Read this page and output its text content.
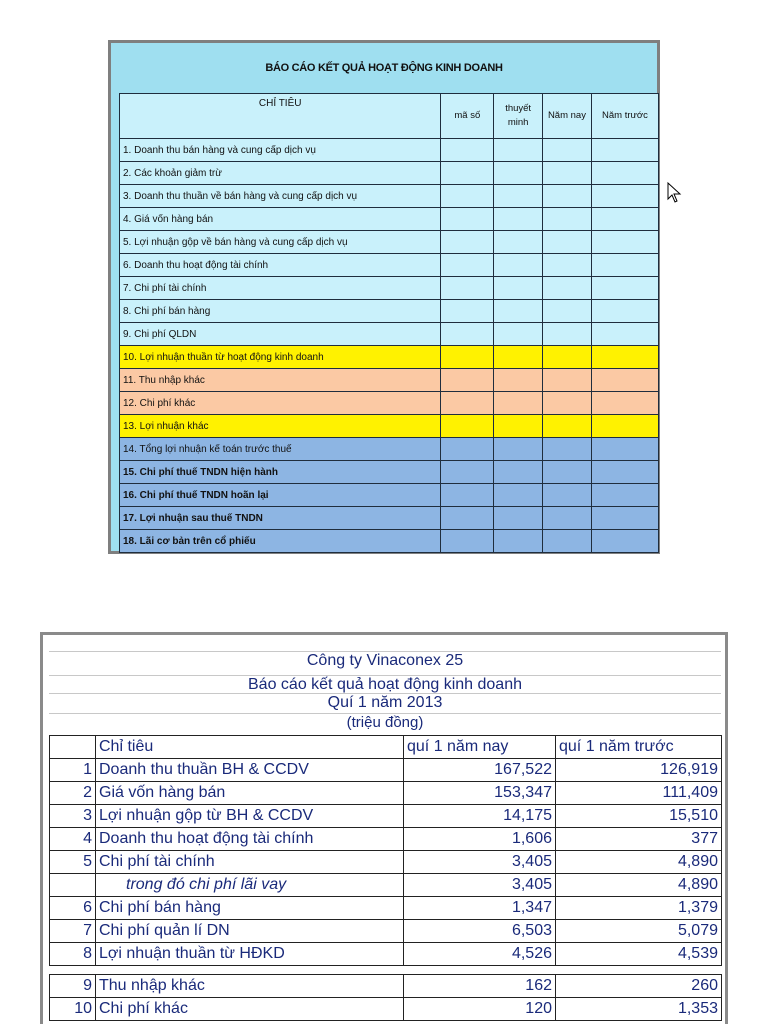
BÁO CÁO KẾT QUẢ HOẠT ĐỘNG KINH DOANH
CHỈ TIÊU	mã số	thuyết minh	Năm nay	Năm trước
1. Doanh thu bán hàng và cung cấp dịch vụ				
2. Các khoản giảm trừ				
3. Doanh thu thuần về bán hàng và cung cấp dịch vụ				
4. Giá vốn hàng bán				
5. Lợi nhuận gộp về bán hàng và cung cấp dịch vụ				
6. Doanh thu hoạt động tài chính				
7. Chi phí tài chính				
8. Chi phí bán hàng				
9. Chi phí QLDN				
10. Lợi nhuận thuần từ hoạt động kinh doanh				
11. Thu nhập khác				
12. Chi phí khác				
13. Lợi nhuận khác				
14. Tổng lợi nhuận kế toán trước thuế				
15. Chi phí thuế TNDN hiện hành				
16. Chi phí thuế TNDN hoãn lại				
17. Lợi nhuận sau thuế TNDN				
18. Lãi cơ bản trên cổ phiếu				
Công ty Vinaconex 25
Báo cáo kết quả hoạt động kinh doanh
Quí 1 năm 2013
(triệu đồng)
	Chỉ tiêu	quí 1 năm nay	quí 1 năm trước
1	Doanh thu thuần BH & CCDV	167,522	126,919
2	Giá vốn hàng bán	153,347	111,409
3	Lợi nhuận gộp từ BH & CCDV	14,175	15,510
4	Doanh thu hoạt động tài chính	1,606	377
5	Chi phí tài chính	3,405	4,890
	trong đó chi phí lãi vay	3,405	4,890
6	Chi phí bán hàng	1,347	1,379
7	Chi phí quản lí DN	6,503	5,079
8	Lợi nhuận thuần từ HĐKD	4,526	4,539

9	Thu nhập khác	162	260
10	Chi phí khác	120	1,353
